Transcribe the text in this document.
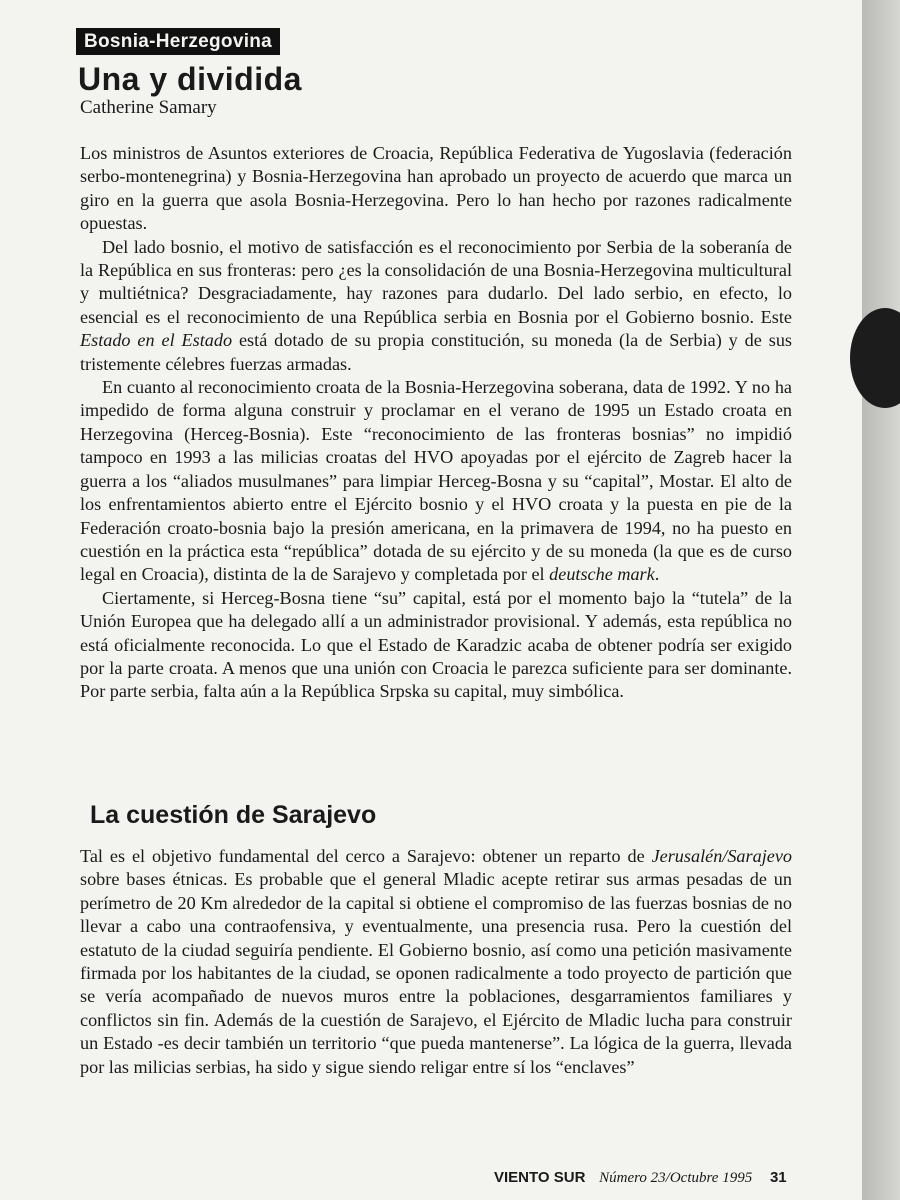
Bosnia-Herzegovina
Una y dividida
Catherine Samary

Los ministros de Asuntos exteriores de Croacia, República Federativa de Yugoslavia (federación serbo-montenegrina) y Bosnia-Herzegovina han aprobado un proyecto de acuerdo que marca un giro en la guerra que asola Bosnia-Herzegovina. Pero lo han hecho por razones radicalmente opuestas.

Del lado bosnio, el motivo de satisfacción es el reconocimiento por Serbia de la soberanía de la República en sus fronteras: pero ¿es la consolidación de una Bosnia-Herzegovina multicultural y multiétnica? Desgraciadamente, hay razones para dudarlo. Del lado serbio, en efecto, lo esencial es el reconocimiento de una República serbia en Bosnia por el Gobierno bosnio. Este Estado en el Estado está dotado de su propia constitución, su moneda (la de Serbia) y de sus tristemente célebres fuerzas armadas.

En cuanto al reconocimiento croata de la Bosnia-Herzegovina soberana, data de 1992. Y no ha impedido de forma alguna construir y proclamar en el verano de 1995 un Estado croata en Herzegovina (Herceg-Bosnia). Este “reconocimiento de las fronteras bosnias” no impidió tampoco en 1993 a las milicias croatas del HVO apoyadas por el ejército de Zagreb hacer la guerra a los “aliados musulmanes” para limpiar Herceg-Bosna y su “capital”, Mostar. El alto de los enfrentamientos abierto entre el Ejército bosnio y el HVO croata y la puesta en pie de la Federación croato-bosnia bajo la presión americana, en la primavera de 1994, no ha puesto en cuestión en la práctica esta “república” dotada de su ejército y de su moneda (la que es de curso legal en Croacia), distinta de la de Sarajevo y completada por el deutsche mark.

Ciertamente, si Herceg-Bosna tiene “su” capital, está por el momento bajo la “tutela” de la Unión Europea que ha delegado allí a un administrador provisional. Y además, esta república no está oficialmente reconocida. Lo que el Estado de Karadzic acaba de obtener podría ser exigido por la parte croata. A menos que una unión con Croacia le parezca suficiente para ser dominante. Por parte serbia, falta aún a la República Srpska su capital, muy simbólica.

La cuestión de Sarajevo

Tal es el objetivo fundamental del cerco a Sarajevo: obtener un reparto de Jerusalén/Sarajevo sobre bases étnicas. Es probable que el general Mladic acepte retirar sus armas pesadas de un perímetro de 20 Km alrededor de la capital si obtiene el compromiso de las fuerzas bosnias de no llevar a cabo una contraofensiva, y eventualmente, una presencia rusa. Pero la cuestión del estatuto de la ciudad seguiría pendiente. El Gobierno bosnio, así como una petición masivamente firmada por los habitantes de la ciudad, se oponen radicalmente a todo proyecto de partición que se vería acompañado de nuevos muros entre la poblaciones, desgarramientos familiares y conflictos sin fin. Además de la cuestión de Sarajevo, el Ejército de Mladic lucha para construir un Estado -es decir también un territorio “que pueda mantenerse”. La lógica de la guerra, llevada por las milicias serbias, ha sido y sigue siendo religar entre sí los “enclaves”

VIENTO SUR Número 23/Octubre 1995 31
